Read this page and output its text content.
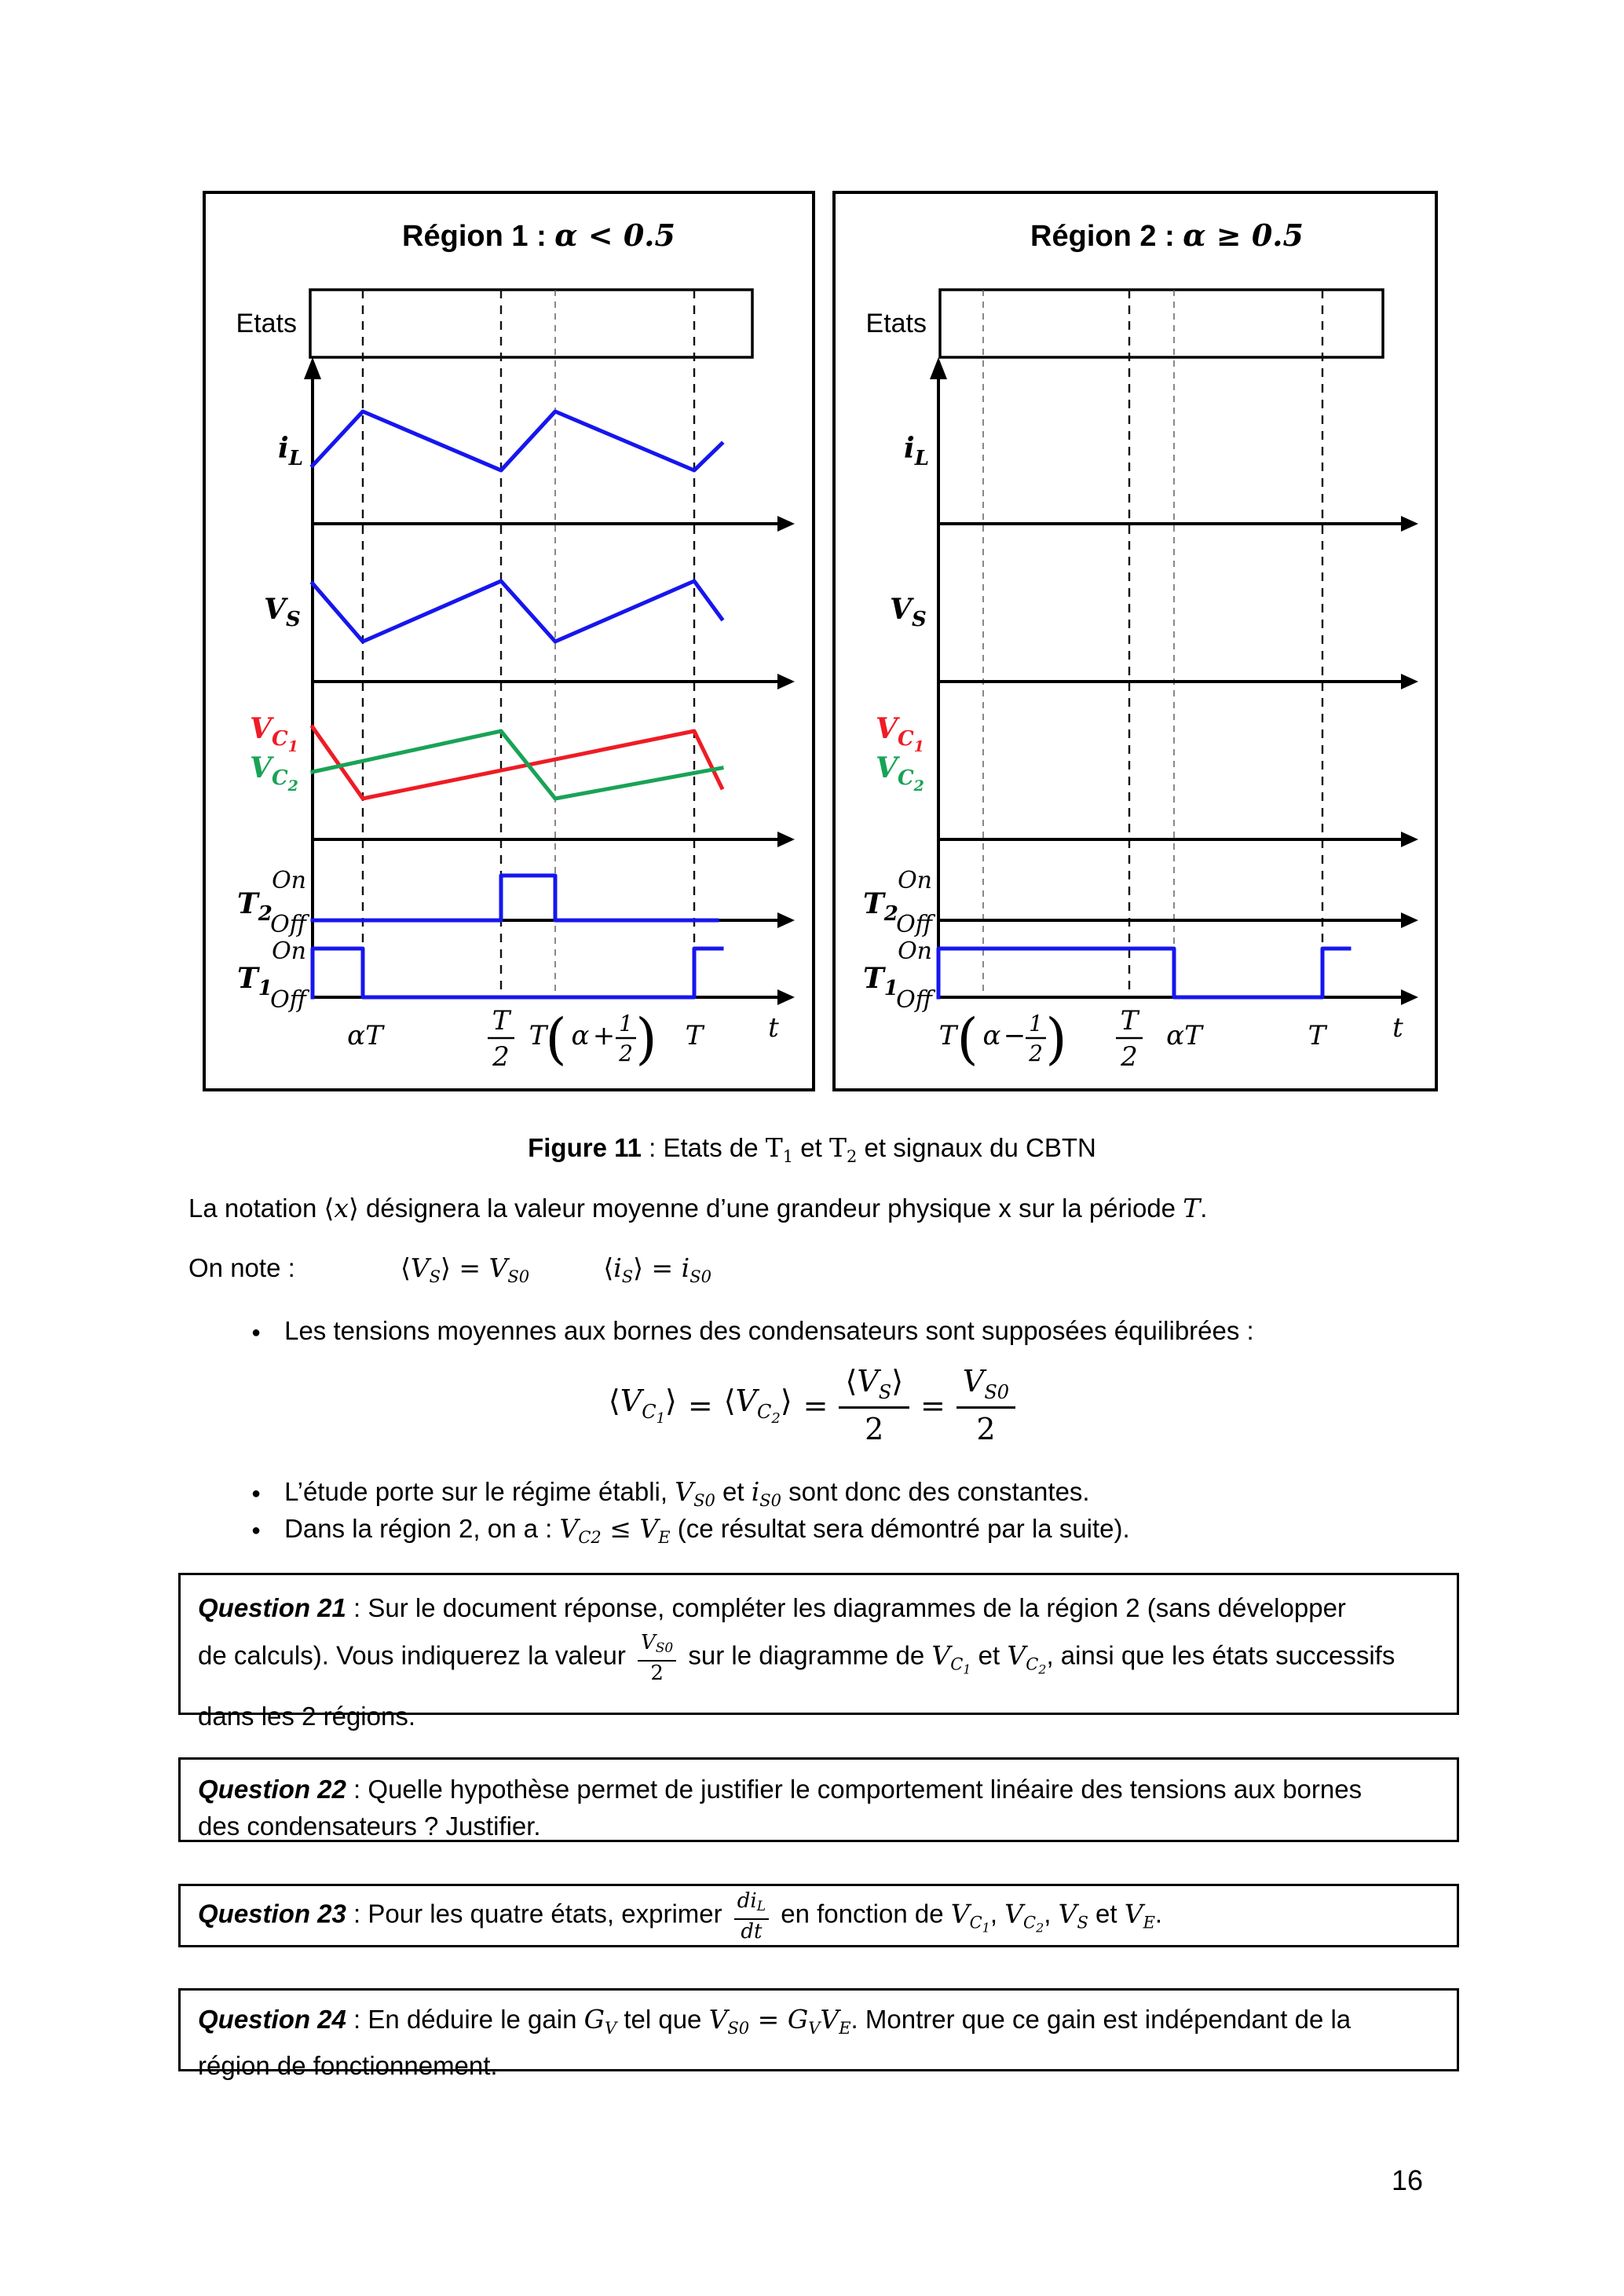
Région 1 : α < 0.5
Etats
$i_L$
$V_S$
$V_{C1}$
$V_{C2}$
$T_2$
On
Off
$T_1$
On
Off
αT	T
2
T
( α + 1
2 ) T t
Région 2 : α ≥ 0.5
Etats
$i_L$
$V_S$
$V_{C1}$
$V_{C2}$
$T_2$
On
Off
$T_1$
On
Off
T ( α − 1
2 ) T
2
αT	T t
Figure 11 : Etats de $T_1$ et $T_2$ et signaux du CBTN
La notation ⟨x⟩ désignera la valeur moyenne d’une grandeur physique x sur la période T.
On note :	$⟨V_S⟩ = V_{S0}$	$⟨i_S⟩ = i_{S0}$
● Les tensions moyennes aux bornes des condensateurs sont supposées équilibrées :
$⟨V_{C1}⟩$ = $⟨V_{C2}⟩ = \frac{⟨V_S⟩}{2} = \frac{V_{S0}}{2}$
● L’étude porte sur le régime établi, $V_{S0}$ et $i_{S0}$ sont donc des constantes.
● Dans la région 2, on a : $V_{C2} \le V_E$ (ce résultat sera démontré par la suite).
Question 21 : Sur le document réponse, compléter les diagrammes de la région 2 (sans développer
de calculs). Vous indiquerez la valeur $\frac{VS0}{2}$ sur le diagramme de $V_{C1}$ et $V_{C2}$, ainsi que les états successifs
dans les 2 régions.
Question 22 : Quelle hypothèse permet de justifier le comportement linéaire des tensions aux bornes
des condensateurs ? Justifier.
Question 23 : Pour les quatre états, exprimer $\frac{\text{diL}}{dt}$ en fonction de $V_{C1}$, $V_{C2}$, $V_S$ et $V_E$.
Question 24 : En déduire le gain $G_V$ tel que $V_{S0} = G_VV_E$. Montrer que ce gain est indépendant de la
région de fonctionnement.
16
